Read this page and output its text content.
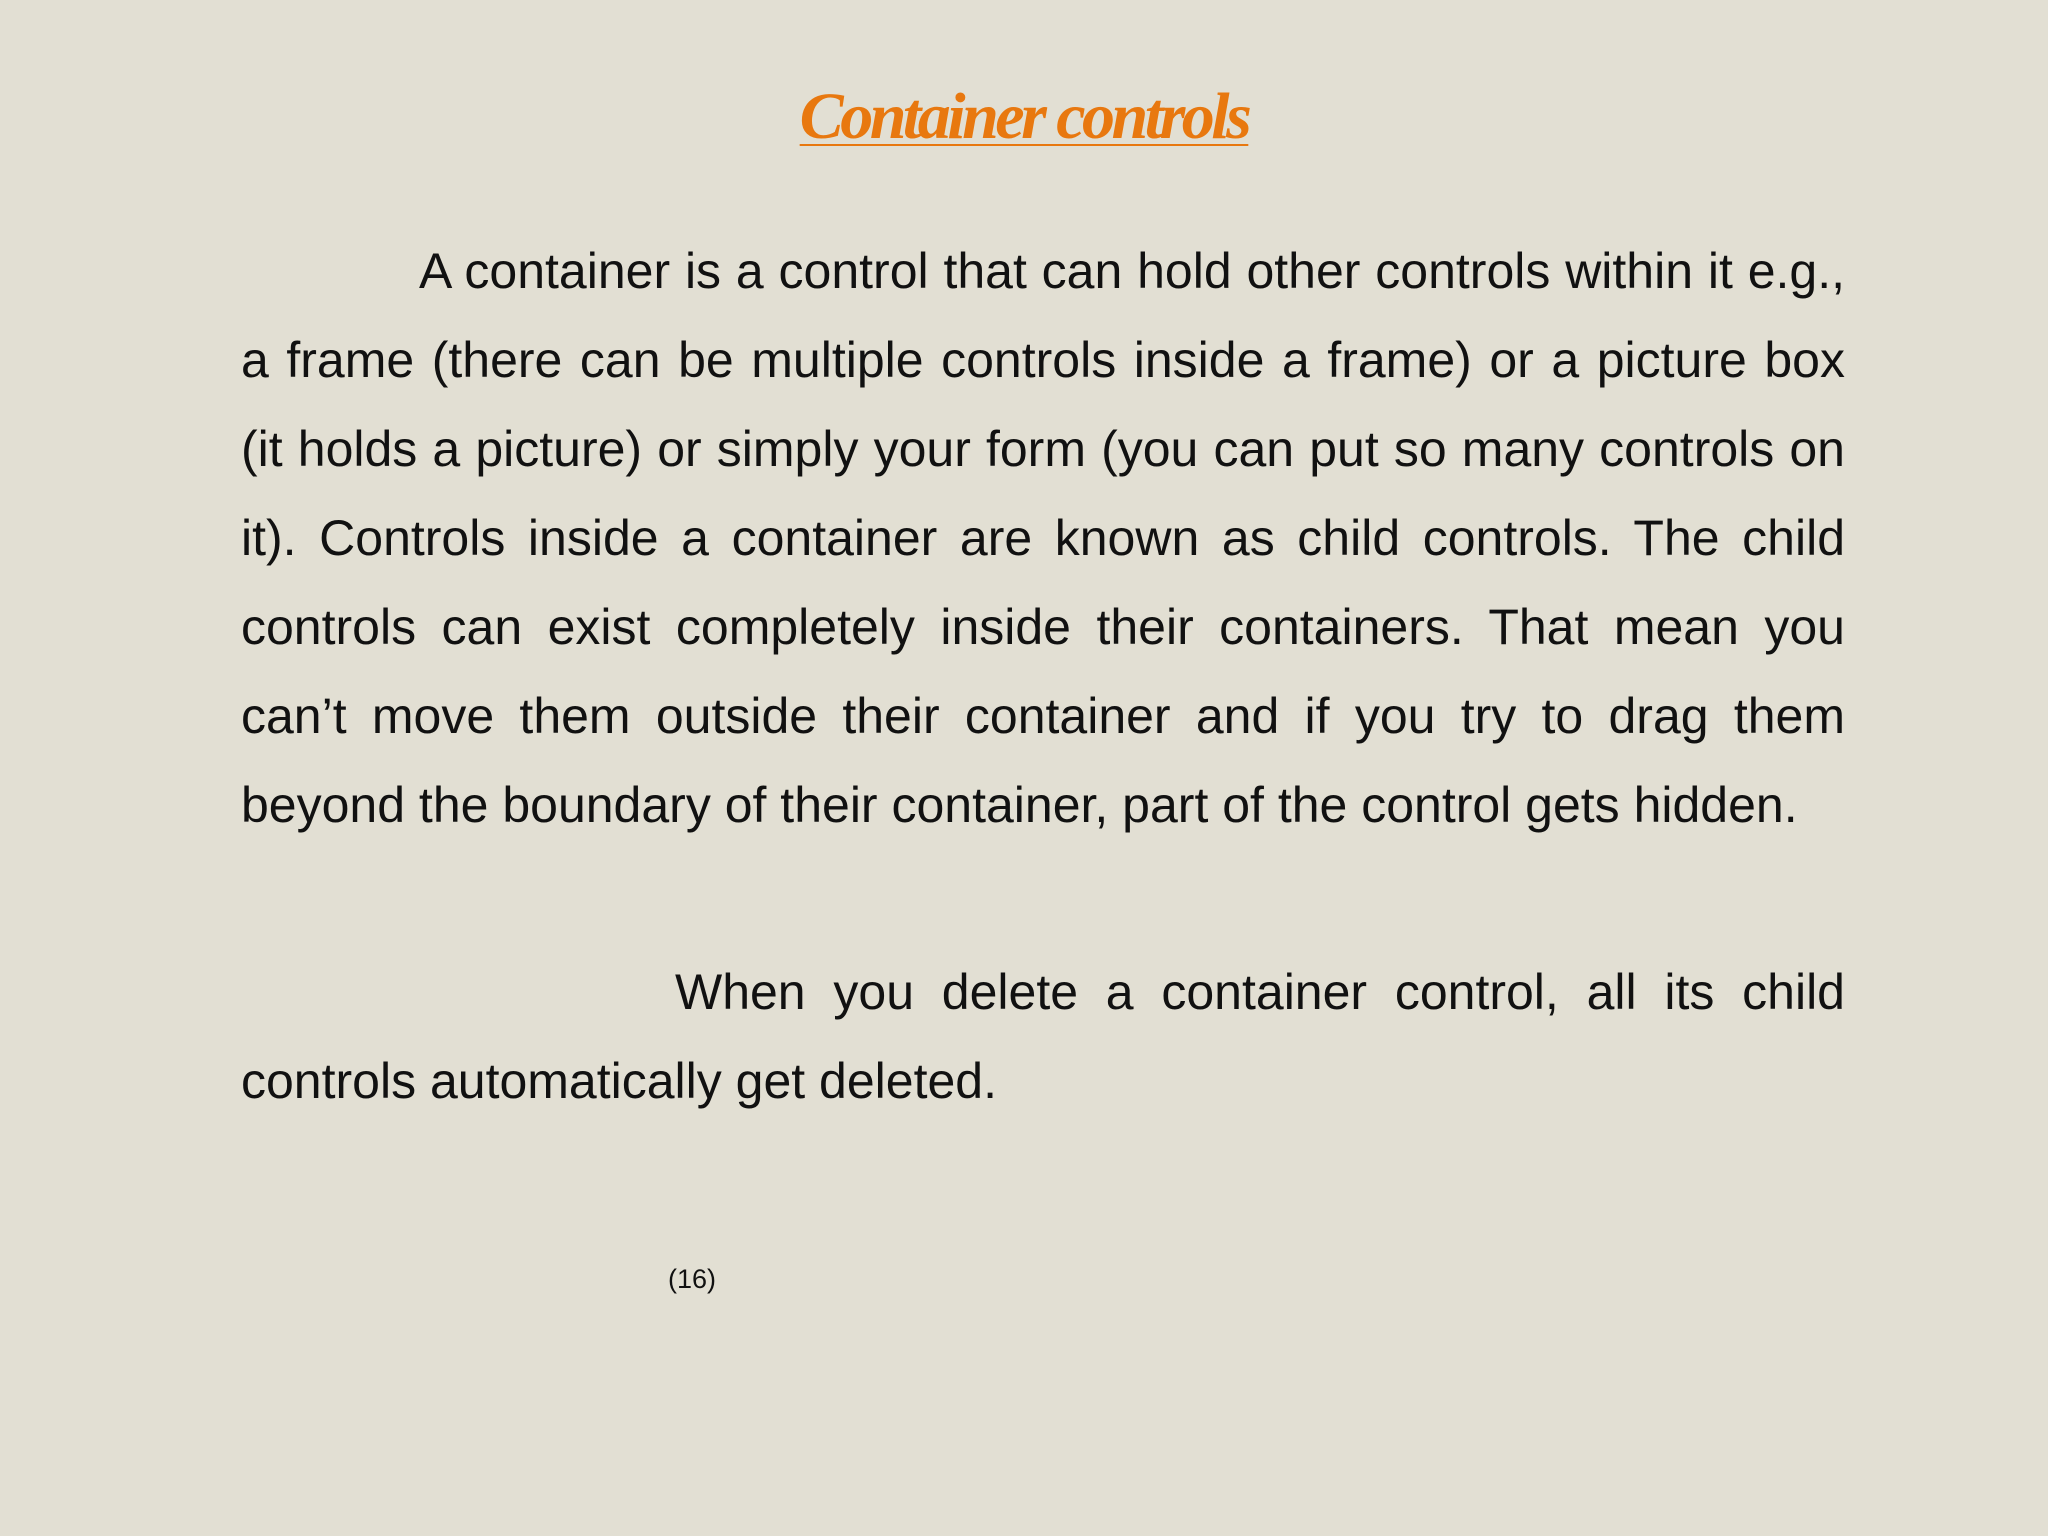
Container controls

A container is a control that can hold other controls within it e.g., a frame (there can be multiple controls inside a frame) or a picture box (it holds a picture) or simply your form (you can put so many controls on it). Controls inside a container are known as child controls. The child controls can exist completely inside their containers. That mean you can’t move them outside their container and if you try to drag them beyond the boundary of their container, part of the control gets hidden.

When you delete a container control, all its child controls automatically get deleted.

(16)
